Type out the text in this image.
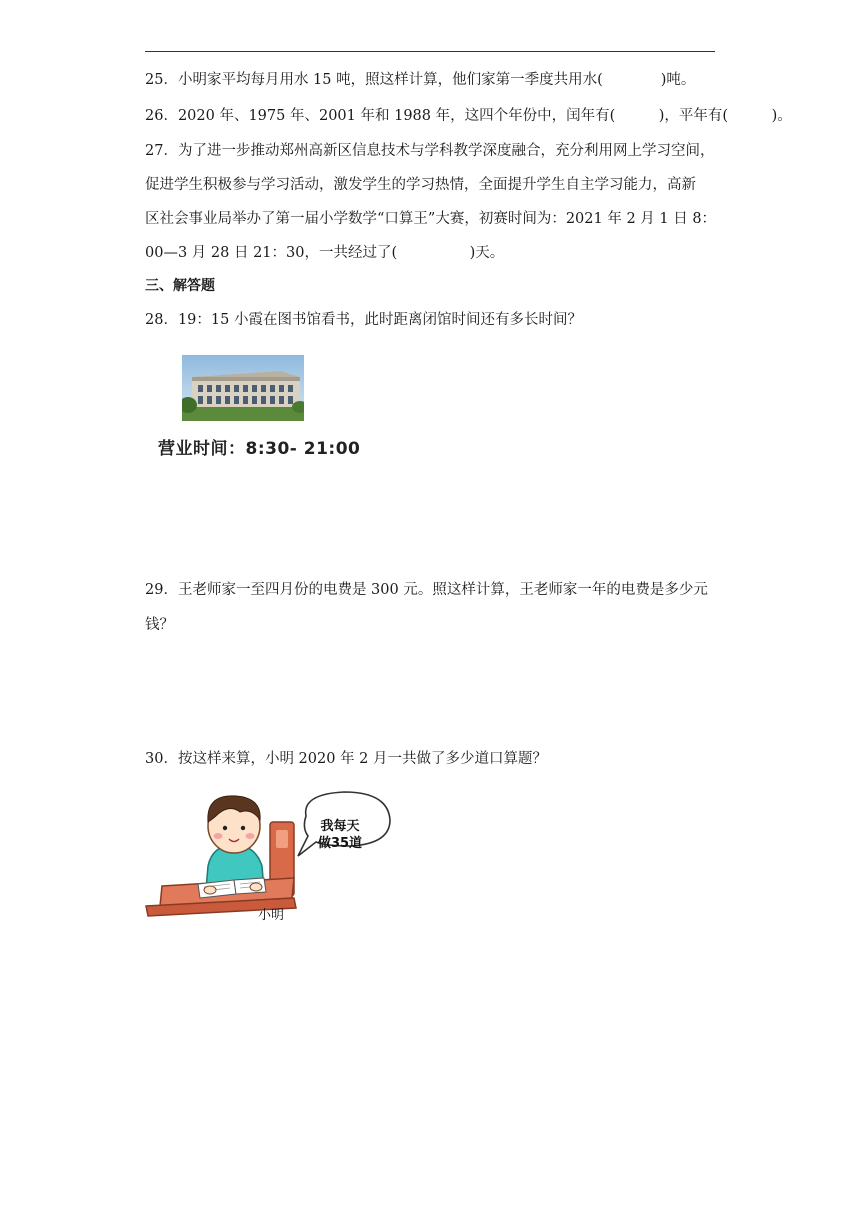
25．小明家平均每月用水 15 吨，照这样计算，他们家第一季度共用水(　　　　)吨。
26．2020 年、1975 年、2001 年和 1988 年，这四个年份中，闰年有(　　　)，平年有(　　　)。
27．为了进一步推动郑州高新区信息技术与学科教学深度融合，充分利用网上学习空间，
促进学生积极参与学习活动，激发学生的学习热情，全面提升学生自主学习能力，高新
区社会事业局举办了第一届小学数学“口算王”大赛，初赛时间为：2021 年 2 月 1 日 8：
00—3 月 28 日 21：30，一共经过了(　　　　　)天。
三、解答题
28．19：15 小霞在图书馆看书，此时距离闭馆时间还有多长时间？
营业时间：8:30- 21:00
29．王老师家一至四月份的电费是 300 元。照这样计算，王老师家一年的电费是多少元
钱？
30．按这样来算，小明 2020 年 2 月一共做了多少道口算题？
我每天
做35道
小明
